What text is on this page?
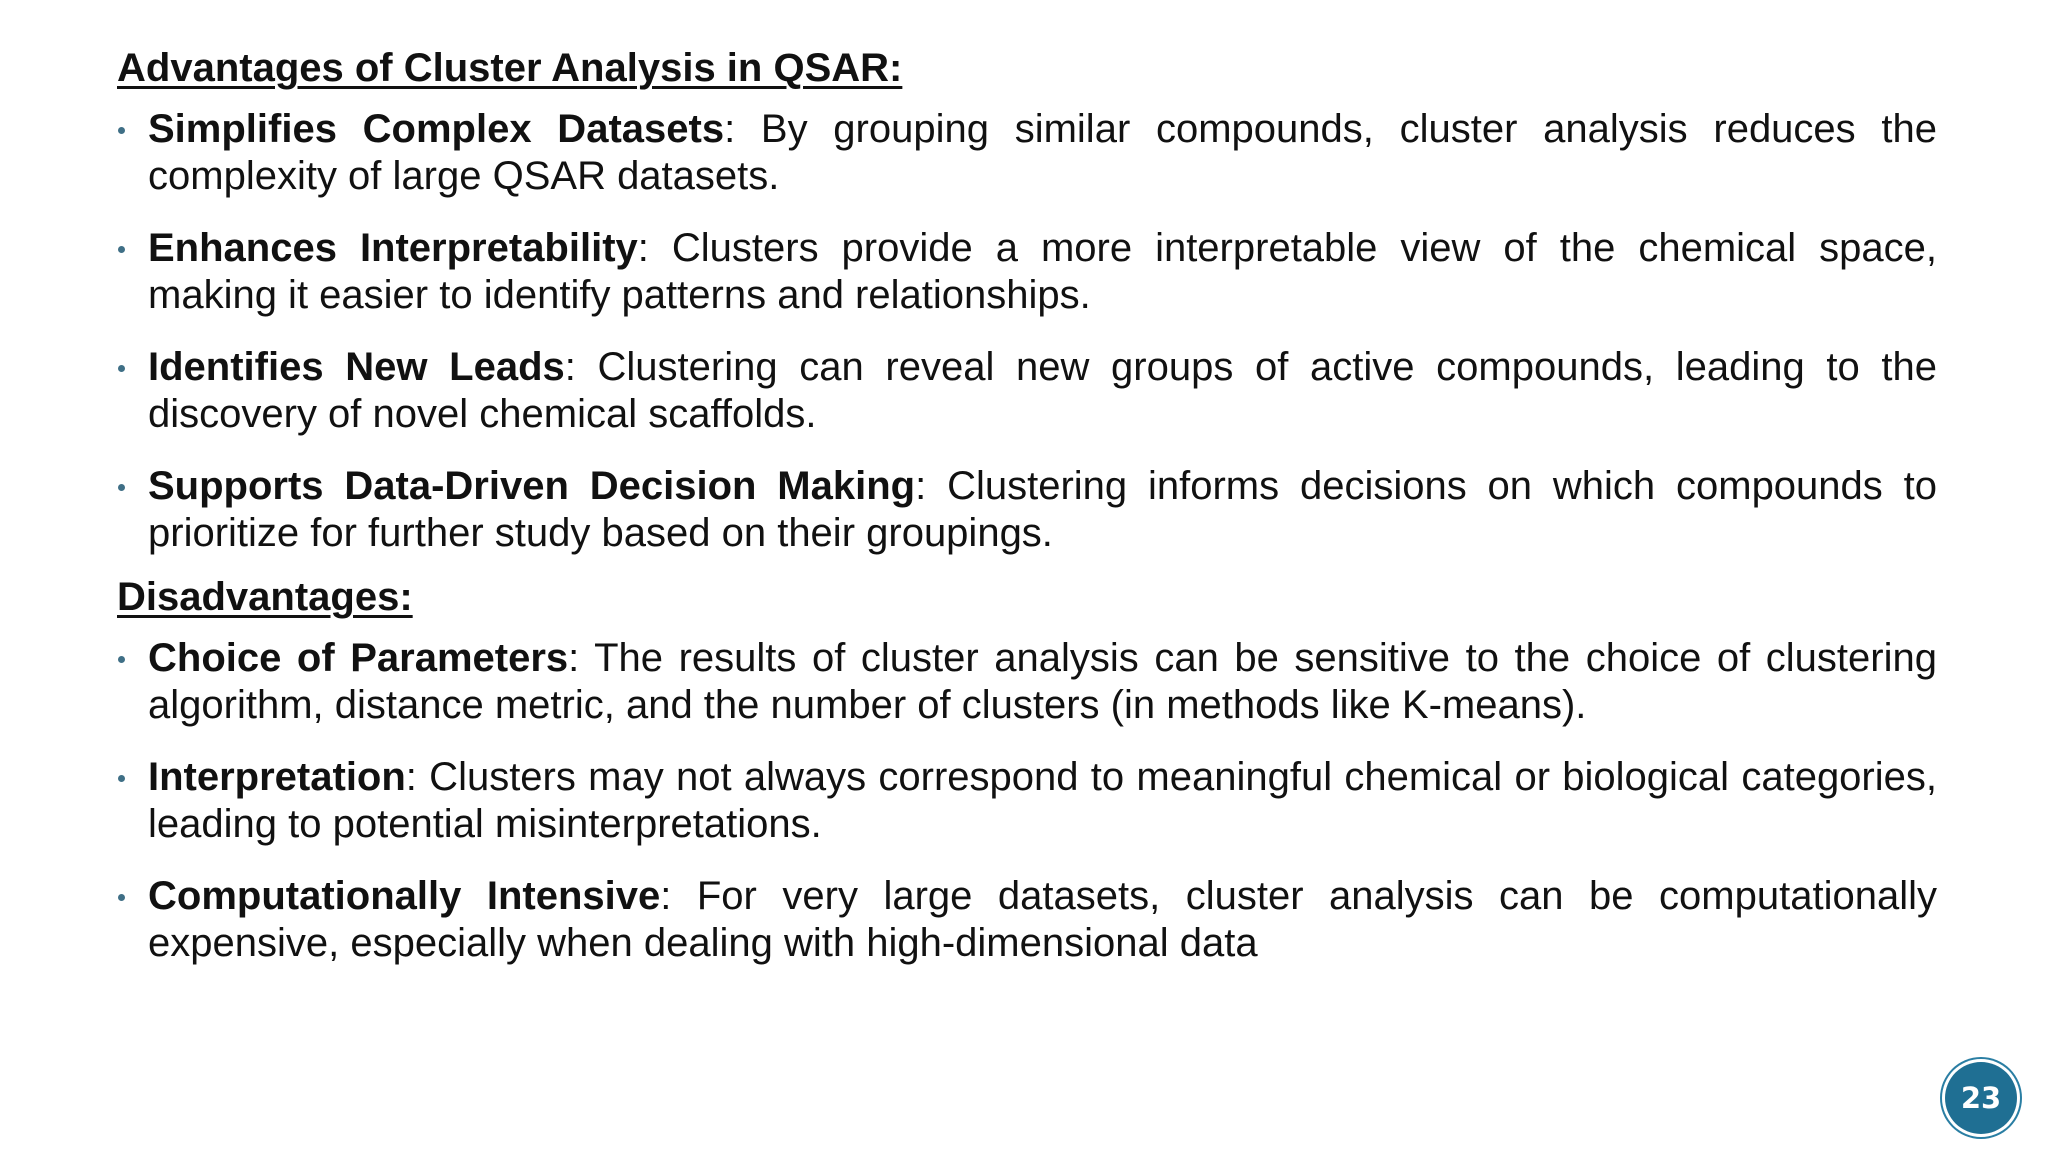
Advantages of Cluster Analysis in QSAR:
Simplifies Complex Datasets: By grouping similar compounds, cluster analysis reduces the complexity of large QSAR datasets.
Enhances Interpretability: Clusters provide a more interpretable view of the chemical space, making it easier to identify patterns and relationships.
Identifies New Leads: Clustering can reveal new groups of active compounds, leading to the discovery of novel chemical scaffolds.
Supports Data-Driven Decision Making: Clustering informs decisions on which compounds to prioritize for further study based on their groupings.
Disadvantages:
Choice of Parameters: The results of cluster analysis can be sensitive to the choice of clustering algorithm, distance metric, and the number of clusters (in methods like K-means).
Interpretation: Clusters may not always correspond to meaningful chemical or biological categories, leading to potential misinterpretations.
Computationally Intensive: For very large datasets, cluster analysis can be computationally expensive, especially when dealing with high-dimensional data
23
